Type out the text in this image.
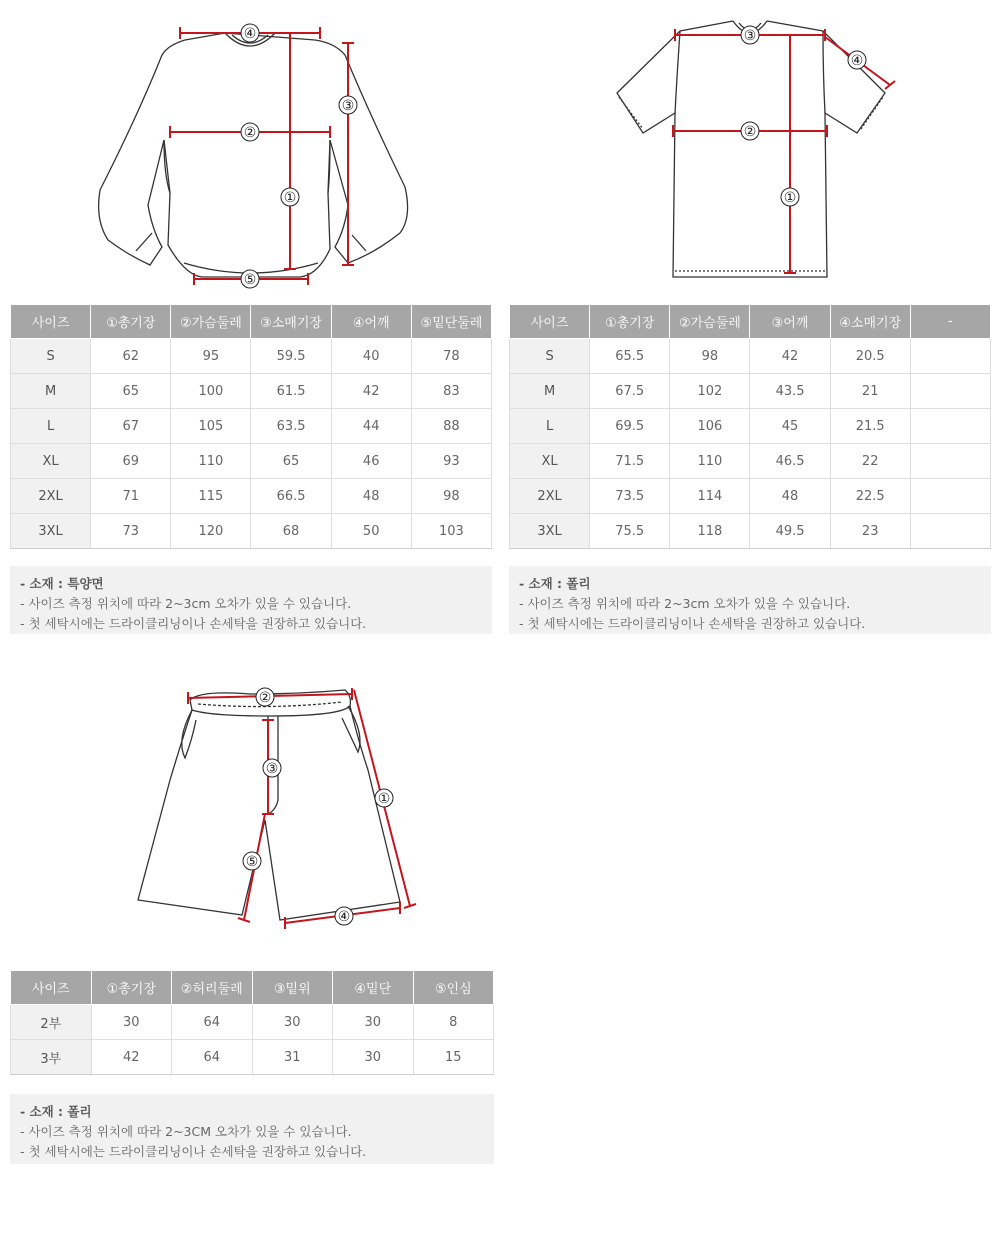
④
③
②
①
⑤
③
④
②
①
사이즈	①총기장	②가슴둘레	③소매기장	④어깨	⑤밑단둘레
S	62	95	59.5	40	78
M	65	100	61.5	42	83
L	67	105	63.5	44	88
XL	69	110	65	46	93
2XL	71	115	66.5	48	98
3XL	73	120	68	50	103
사이즈	①총기장	②가슴둘레	③어깨	④소매기장	-
S	65.5	98	42	20.5	
M	67.5	102	43.5	21	
L	69.5	106	45	21.5	
XL	71.5	110	46.5	22	
2XL	73.5	114	48	22.5	
3XL	75.5	118	49.5	23	
- 소재 : 특양면
- 사이즈 측정 위치에 따라 2~3cm 오차가 있을 수 있습니다.
- 첫 세탁시에는 드라이클리닝이나 손세탁을 권장하고 있습니다.
- 소재 : 폴리
- 사이즈 측정 위치에 따라 2~3cm 오차가 있을 수 있습니다.
- 첫 세탁시에는 드라이클리닝이나 손세탁을 권장하고 있습니다.
②
③
①
⑤
④
사이즈	①총기장	②허리둘레	③밑위	④밑단	⑤인심
2부	30	64	30	30	8
3부	42	64	31	30	15
- 소재 : 폴리
- 사이즈 측정 위치에 따라 2~3CM 오차가 있을 수 있습니다.
- 첫 세탁시에는 드라이클리닝이나 손세탁을 권장하고 있습니다.
